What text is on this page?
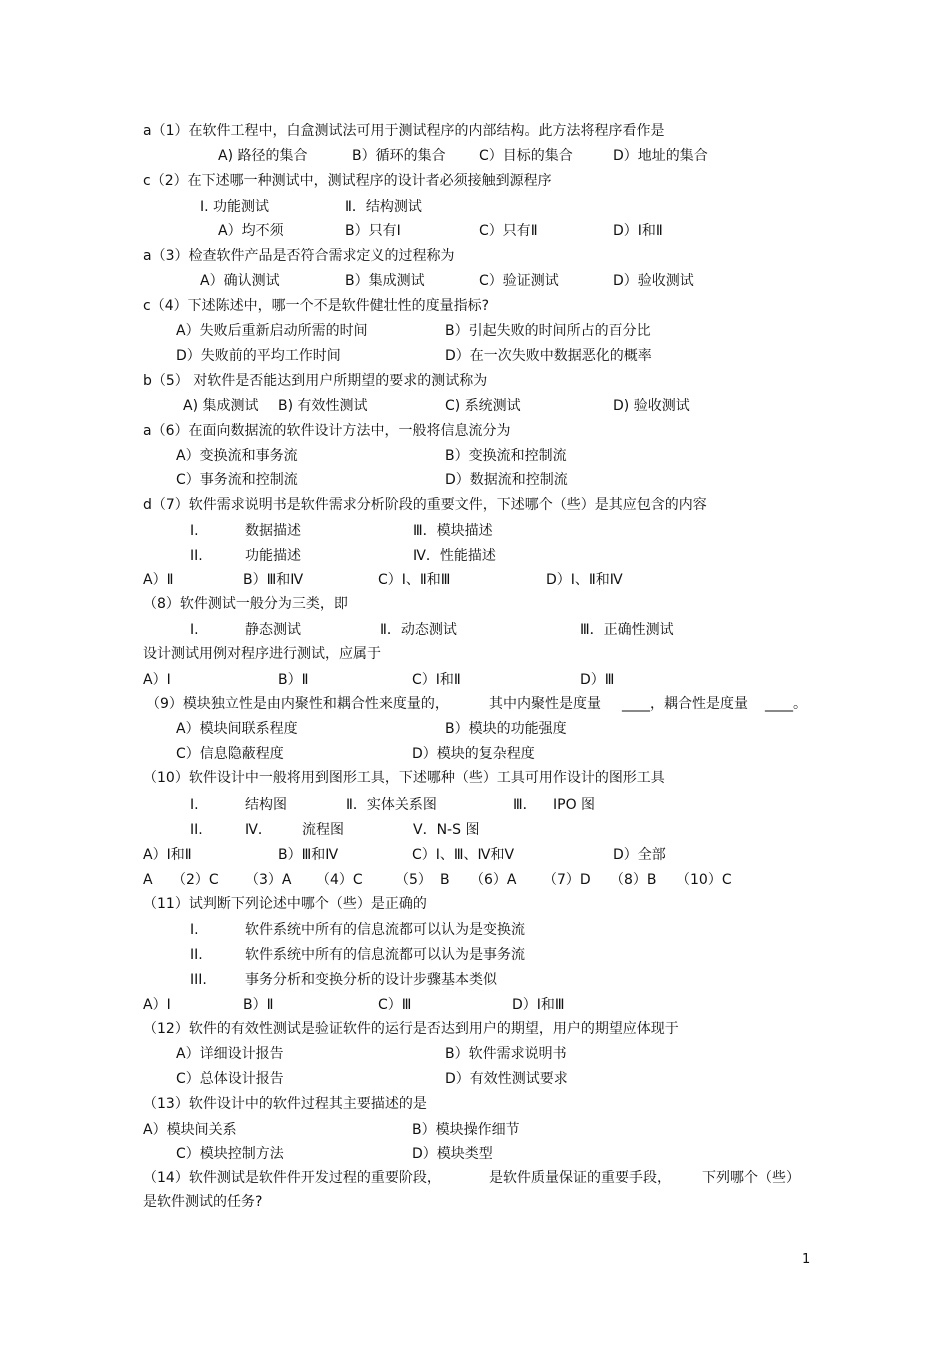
a（1）在软件工程中，白盒测试法可用于测试程序的内部结构。此方法将程序看作是
A) 路径的集合	B）循环的集合 C）目标的集合	D）地址的集合
c（2）在下述哪一种测试中，测试程序的设计者必须接触到源程序
I. 功能测试	Ⅱ．结构测试
A）均不须	B）只有Ⅰ	C）只有Ⅱ	D）Ⅰ和Ⅱ
a（3）检查软件产品是否符合需求定义的过程称为
A）确认测试	B）集成测试	C）验证测试	D）验收测试
c（4）下述陈述中，哪一个不是软件健壮性的度量指标?
A）失败后重新启动所需的时间	B）引起失败的时间所占的百分比
D）失败前的平均工作时间	D）在一次失败中数据恶化的概率
b（5） 对软件是否能达到用户所期望的要求的测试称为
A) 集成测试 B) 有效性测试	C) 系统测试	D) 验收测试
a（6）在面向数据流的软件设计方法中，一般将信息流分为
A）变换流和事务流	B）变换流和控制流
C）事务流和控制流	D）数据流和控制流
d（7）软件需求说明书是软件需求分析阶段的重要文件，下述哪个（些）是其应包含的内容
I.	数据描述	Ⅲ．模块描述
II.	功能描述	Ⅳ．性能描述
A）Ⅱ	B）Ⅲ和Ⅳ	C）Ⅰ、Ⅱ和Ⅲ	D）Ⅰ、Ⅱ和Ⅳ
（8）软件测试一般分为三类，即
I.	静态测试	Ⅱ．动态测试	Ⅲ．正确性测试
设计测试用例对程序进行测试，应属于
A）Ⅰ	B）Ⅱ	C）Ⅰ和Ⅱ	D）Ⅲ
（9）模块独立性是由内聚性和耦合性来度量的，	其中内聚性是度量 ____，耦合性是度量 ____。
A）模块间联系程度	B）模块的功能强度
C）信息隐蔽程度	D）模块的复杂程度
（10）软件设计中一般将用到图形工具，下述哪种（些）工具可用作设计的图形工具
I.	结构图	Ⅱ．实体关系图	Ⅲ． IPO 图
II.	Ⅳ． 流程图	Ⅴ．N-S 图
A）Ⅰ和Ⅱ	B）Ⅲ和Ⅳ	C）Ⅰ、Ⅲ、Ⅳ和Ⅴ	D）全部
A （2）C （3）A （4）C （5） B （6）A （7）D （8）B （10）C
（11）试判断下列论述中哪个（些）是正确的
I.	软件系统中所有的信息流都可以认为是变换流
II.	软件系统中所有的信息流都可以认为是事务流
III.	事务分析和变换分析的设计步骤基本类似
A）Ⅰ	B）Ⅱ	C）Ⅲ	D）Ⅰ和Ⅲ
（12）软件的有效性测试是验证软件的运行是否达到用户的期望，用户的期望应体现于
A）详细设计报告	B）软件需求说明书
C）总体设计报告	D）有效性测试要求
（13）软件设计中的软件过程其主要描述的是
A）模块间关系	B）模块操作细节
C）模块控制方法	D）模块类型
（14）软件测试是软件件开发过程的重要阶段，	是软件质量保证的重要手段， 下列哪个（些）
是软件测试的任务?
1
